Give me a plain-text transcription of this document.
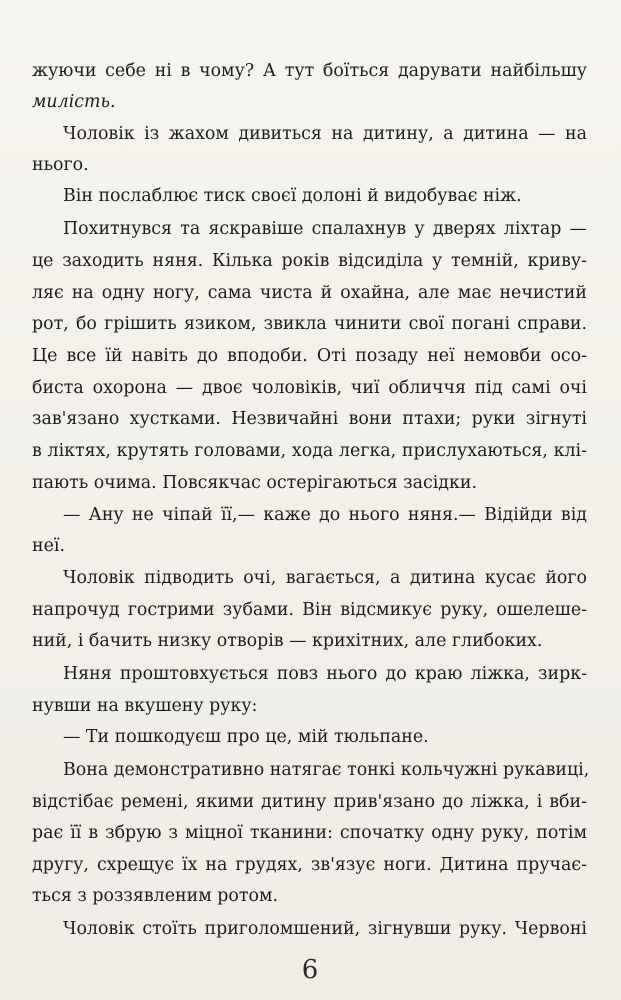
жуючи себе ні в чому? А тут боїться дарувати найбільшу
милість.
Чоловік із жахом дивиться на дитину, а дитина — на
нього.
Він послаблює тиск своєї долоні й видобуває ніж.
Похитнувся та яскравіше спалахнув у дверях ліхтар —
це заходить няня. Кілька років відсиділа у темній, криву-
ляє на одну ногу, сама чиста й охайна, але має нечистий
рот, бо грішить язиком, звикла чинити свої погані справи.
Це все їй навіть до вподоби. Оті позаду неї немовби осо-
биста охорона — двоє чоловіків, чиї обличчя під самі очі
зав'язано хустками. Незвичайні вони птахи; руки зігнуті
в ліктях, крутять головами, хода легка, прислухаються, клі-
пають очима. Повсякчас остерігаються засідки.
— Ану не чіпай її,— каже до нього няня.— Відійди від
неї.
Чоловік підводить очі, вагається, а дитина кусає його
напрочуд гострими зубами. Він відсмикує руку, ошелеше-
ний, і бачить низку отворів — крихітних, але глибоких.
Няня проштовхується повз нього до краю ліжка, зирк-
нувши на вкушену руку:
— Ти пошкодуєш про це, мій тюльпане.
Вона демонстративно натягає тонкі кольчужні рукавиці,
відстібає ремені, якими дитину прив'язано до ліжка, і вби-
рає її в збрую з міцної тканини: спочатку одну руку, потім
другу, схрещує їх на грудях, зв'язує ноги. Дитина пручає-
ться з роззявленим ротом.
Чоловік стоїть приголомшений, зігнувши руку. Червоні
6
